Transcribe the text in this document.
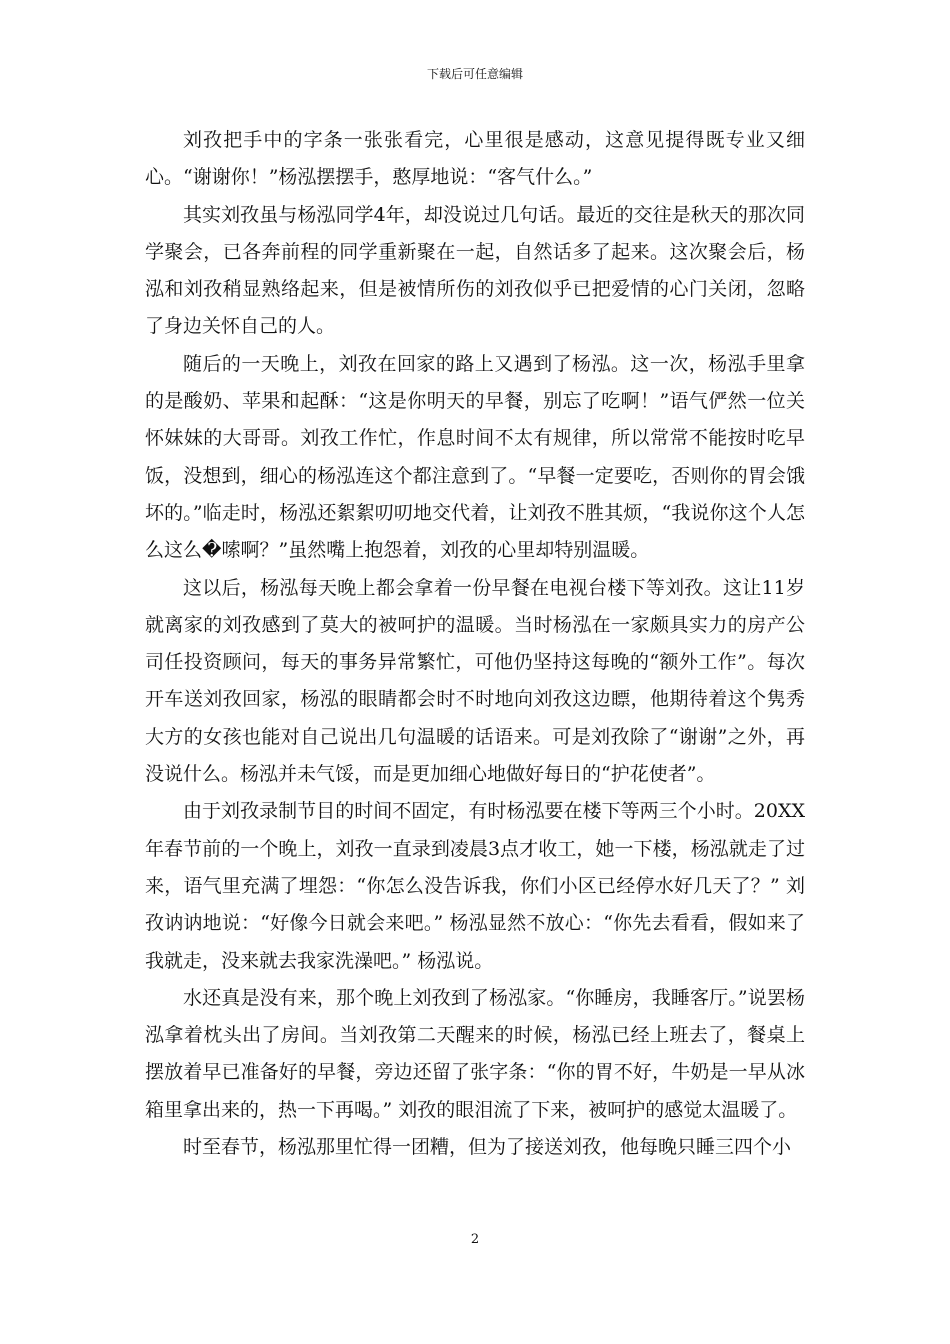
下载后可任意编辑

刘孜把手中的字条一张张看完，心里很是感动，这意见提得既专业又细心。“谢谢你！”杨泓摆摆手，憨厚地说：“客气什么。”

其实刘孜虽与杨泓同学4年，却没说过几句话。最近的交往是秋天的那次同学聚会，已各奔前程的同学重新聚在一起，自然话多了起来。这次聚会后，杨泓和刘孜稍显熟络起来，但是被情所伤的刘孜似乎已把爱情的心门关闭，忽略了身边关怀自己的人。

随后的一天晚上，刘孜在回家的路上又遇到了杨泓。这一次，杨泓手里拿的是酸奶、苹果和起酥：“这是你明天的早餐，别忘了吃啊！”语气俨然一位关怀妹妹的大哥哥。刘孜工作忙，作息时间不太有规律，所以常常不能按时吃早饭，没想到，细心的杨泓连这个都注意到了。“早餐一定要吃，否则你的胃会饿坏的。”临走时，杨泓还絮絮叨叨地交代着，让刘孜不胜其烦，“我说你这个人怎么这么�嗦啊？”虽然嘴上抱怨着，刘孜的心里却特别温暖。

这以后，杨泓每天晚上都会拿着一份早餐在电视台楼下等刘孜。这让11岁就离家的刘孜感到了莫大的被呵护的温暖。当时杨泓在一家颇具实力的房产公司任投资顾问，每天的事务异常繁忙，可他仍坚持这每晚的“额外工作”。每次开车送刘孜回家，杨泓的眼睛都会时不时地向刘孜这边瞟，他期待着这个隽秀大方的女孩也能对自己说出几句温暖的话语来。可是刘孜除了“谢谢”之外，再没说什么。杨泓并未气馁，而是更加细心地做好每日的“护花使者”。

由于刘孜录制节目的时间不固定，有时杨泓要在楼下等两三个小时。20XX年春节前的一个晚上，刘孜一直录到凌晨3点才收工，她一下楼，杨泓就走了过来，语气里充满了埋怨：“你怎么没告诉我，你们小区已经停水好几天了？” 刘孜讷讷地说：“好像今日就会来吧。” 杨泓显然不放心：“你先去看看，假如来了我就走，没来就去我家洗澡吧。” 杨泓说。

水还真是没有来，那个晚上刘孜到了杨泓家。“你睡房，我睡客厅。”说罢杨泓拿着枕头出了房间。当刘孜第二天醒来的时候，杨泓已经上班去了，餐桌上摆放着早已准备好的早餐，旁边还留了张字条：“你的胃不好，牛奶是一早从冰箱里拿出来的，热一下再喝。” 刘孜的眼泪流了下来，被呵护的感觉太温暖了。

时至春节，杨泓那里忙得一团糟，但为了接送刘孜，他每晚只睡三四个小

2
